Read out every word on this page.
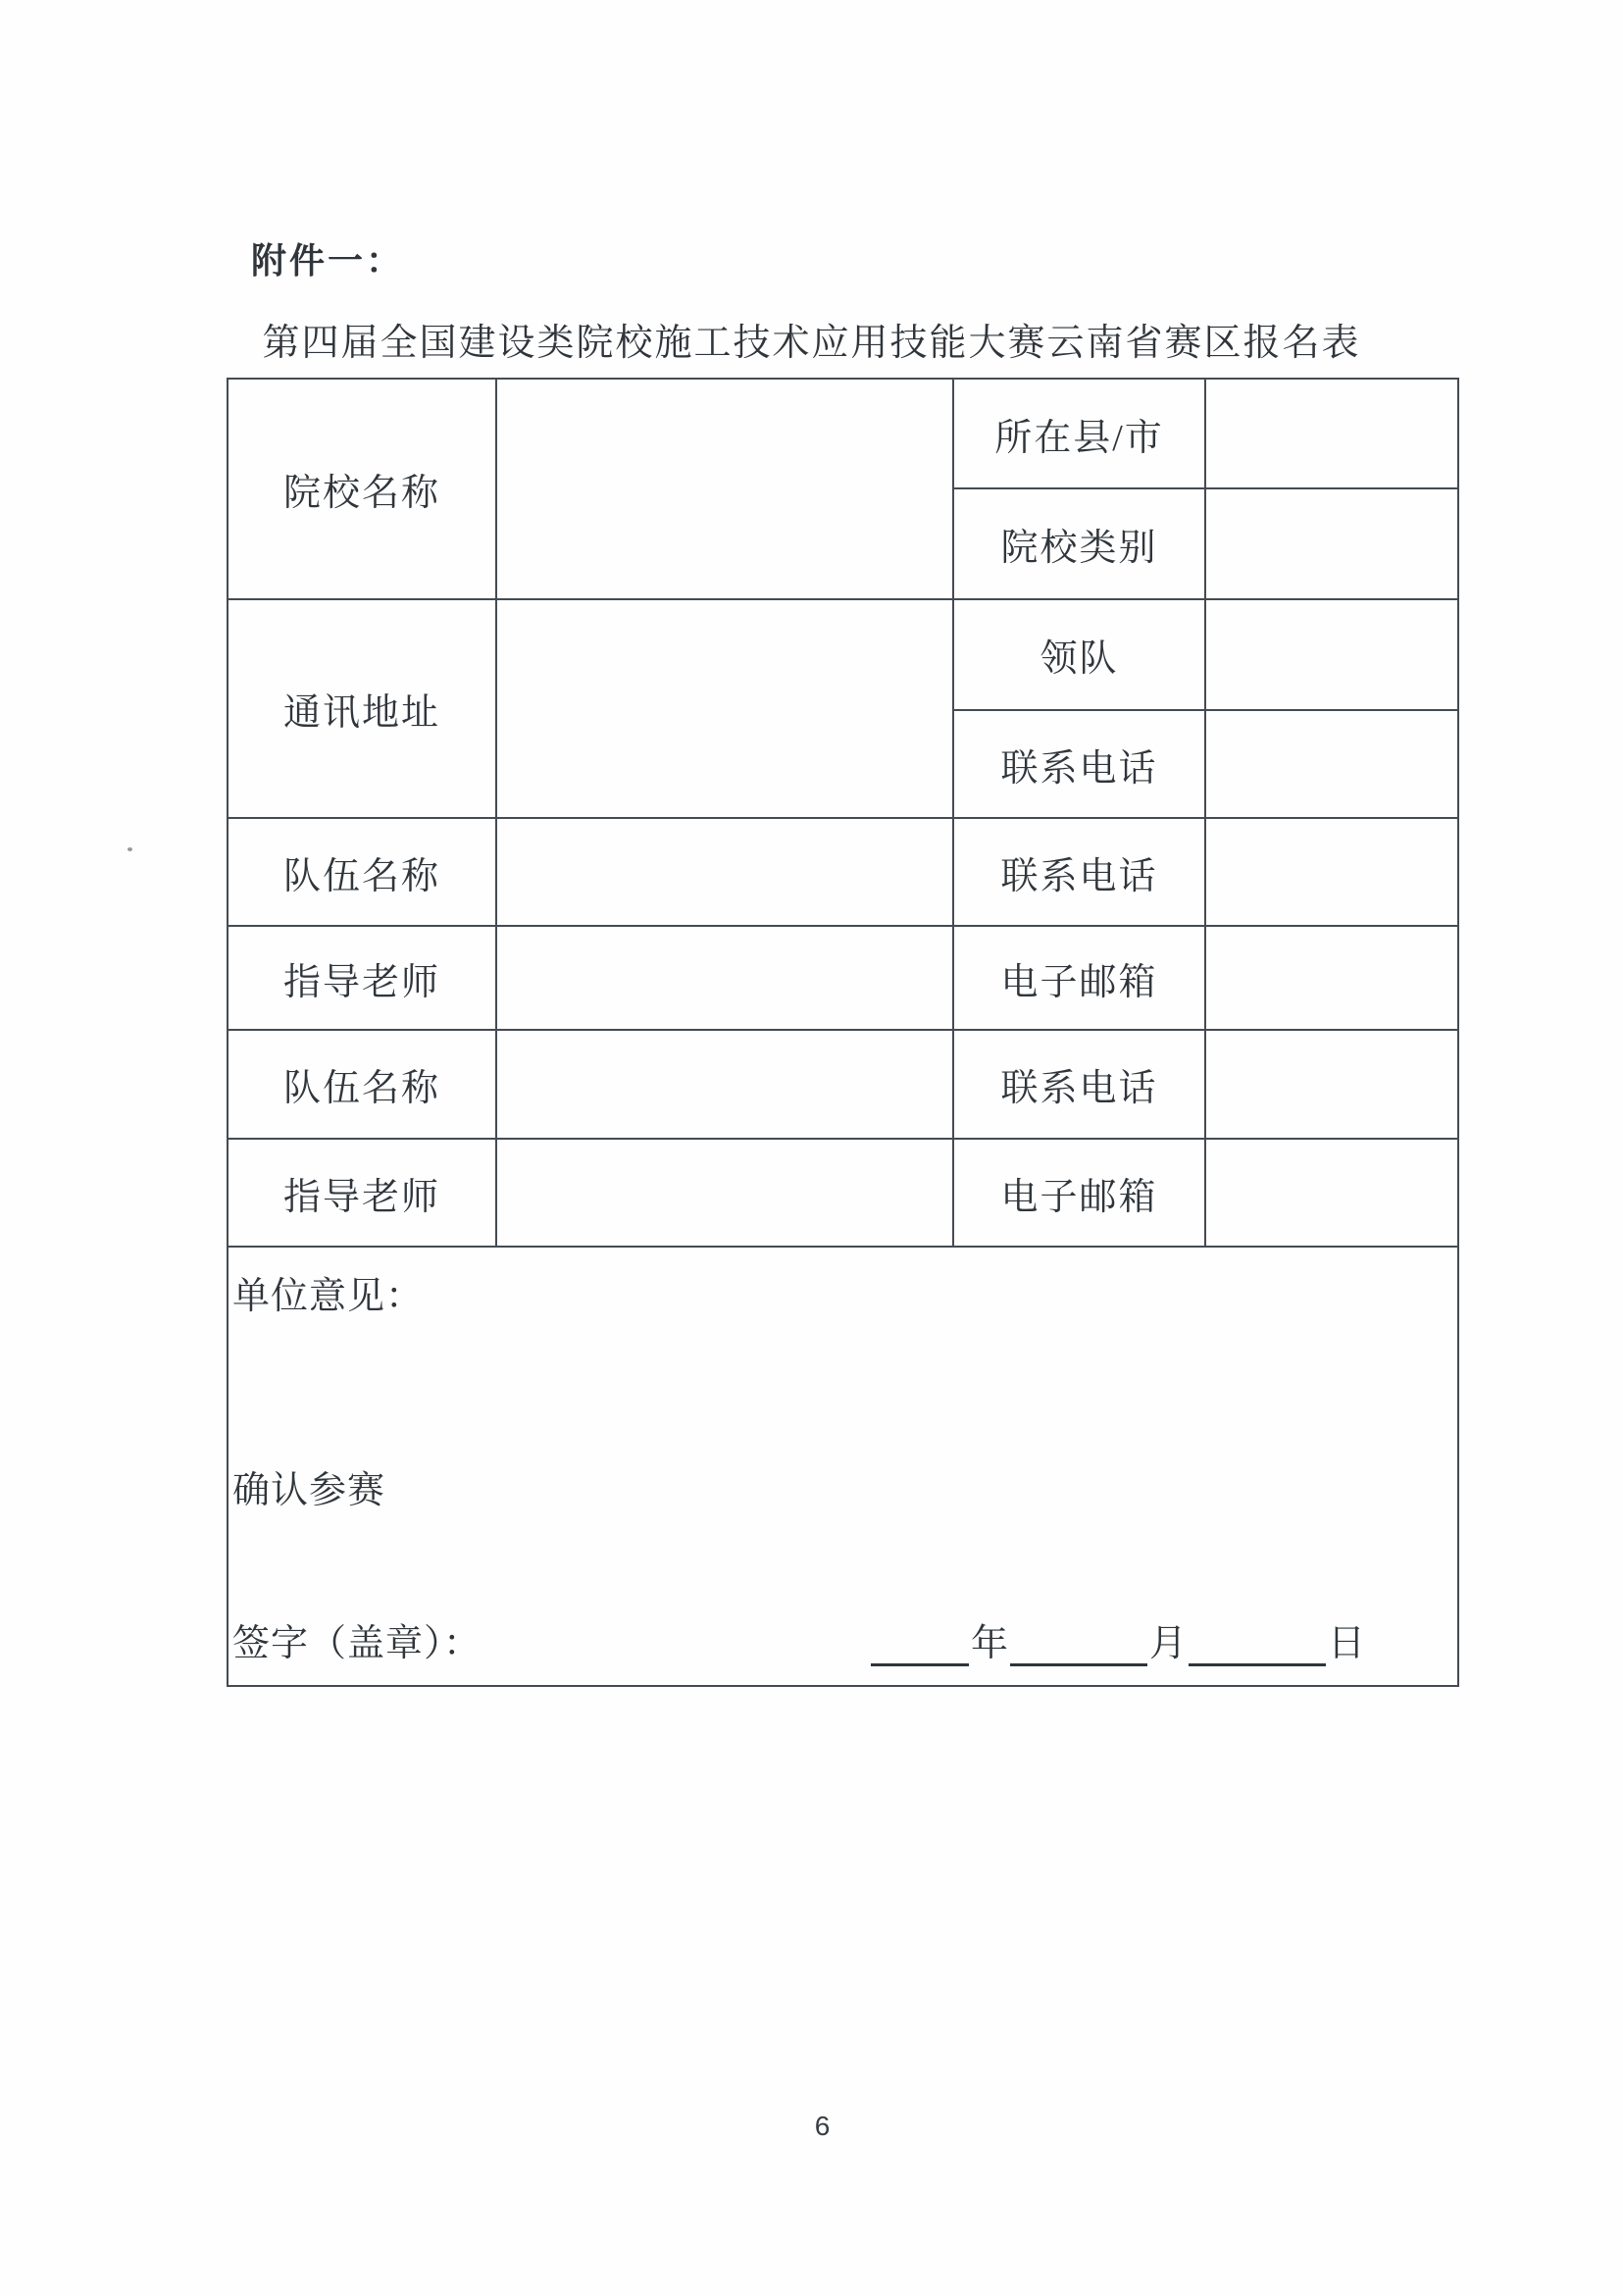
附件一：
第四届全国建设类院校施工技术应用技能大赛云南省赛区报名表
院校名称		所在县/市	
		院校类别	
通讯地址		领队	
		联系电话	
队伍名称		联系电话	
指导老师		电子邮箱	
队伍名称		联系电话	
指导老师		电子邮箱	

单位意见：
确认参赛
签字（盖章）：	年	月	日
6
